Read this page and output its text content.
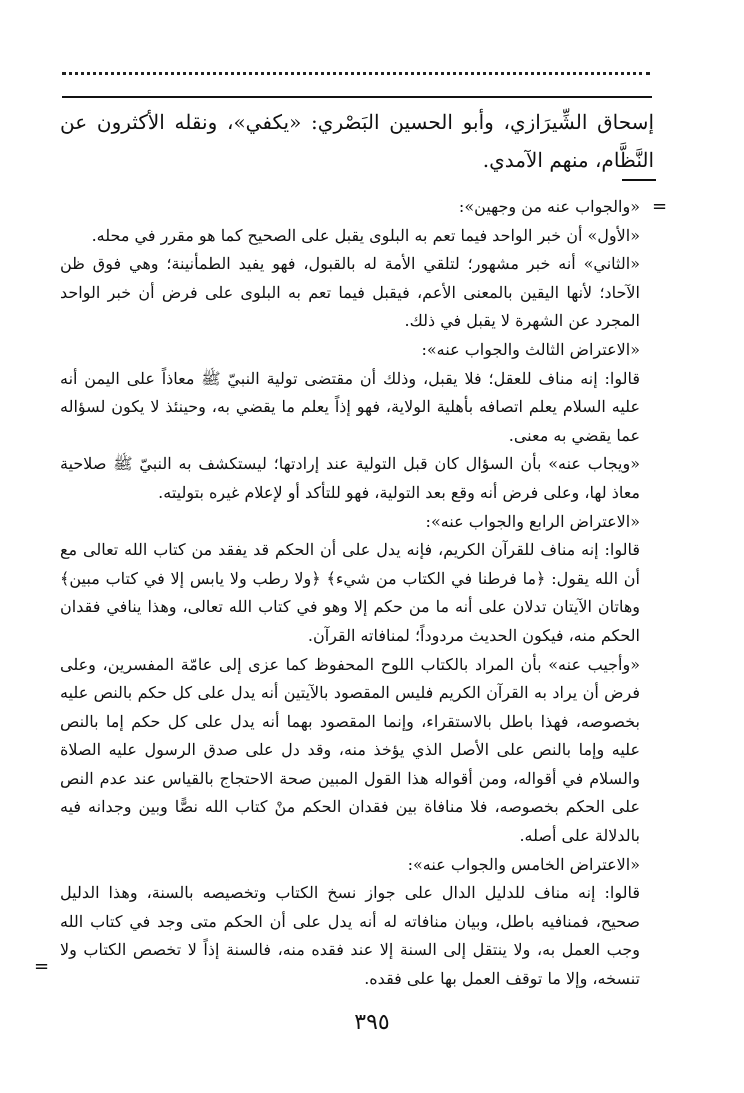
إسحاق الشِّيرَازي، وأبو الحسين البَصْري: «يكفي»، ونقله الأكثرون عن النَّظَّام، منهم الآمدي.
=

«والجواب عنه من وجهين»:

«الأول» أن خبر الواحد فيما تعم به البلوى يقبل على الصحيح كما هو مقرر في محله.

«الثاني» أنه خبر مشهور؛ لتلقي الأمة له بالقبول، فهو يفيد الطمأنينة؛ وهي فوق ظن الآحاد؛ لأنها اليقين بالمعنى الأعم، فيقبل فيما تعم به البلوى على فرض أن خبر الواحد المجرد عن الشهرة لا يقبل في ذلك.

«الاعتراض الثالث والجواب عنه»:

قالوا: إنه مناف للعقل؛ فلا يقبل، وذلك أن مقتضى تولية النبيّ ﷺ معاذاً على اليمن أنه عليه السلام يعلم اتصافه بأهلية الولاية، فهو إذاً يعلم ما يقضي به، وحينئذ لا يكون لسؤاله عما يقضي به معنى.

«ويجاب عنه» بأن السؤال كان قبل التولية عند إرادتها؛ ليستكشف به النبيّ ﷺ صلاحية معاذ لها، وعلى فرض أنه وقع بعد التولية، فهو للتأكد أو لإعلام غيره بتوليته.

«الاعتراض الرابع والجواب عنه»:

قالوا: إنه مناف للقرآن الكريم، فإنه يدل على أن الحكم قد يفقد من كتاب الله تعالى مع أن الله يقول: ﴿ما فرطنا في الكتاب من شيء﴾ ﴿ولا رطب ولا يابس إلا في كتاب مبين﴾ وهاتان الآيتان تدلان على أنه ما من حكم إلا وهو في كتاب الله تعالى، وهذا ينافي فقدان الحكم منه، فيكون الحديث مردوداً؛ لمنافاته القرآن.

«وأجيب عنه» بأن المراد بالكتاب اللوح المحفوظ كما عزى إلى عامّة المفسرين، وعلى فرض أن يراد به القرآن الكريم فليس المقصود بالآيتين أنه يدل على كل حكم بالنص عليه بخصوصه، فهذا باطل بالاستقراء، وإنما المقصود بهما أنه يدل على كل حكم إما بالنص عليه وإما بالنص على الأصل الذي يؤخذ منه، وقد دل على صدق الرسول عليه الصلاة والسلام في أقواله، ومن أقواله هذا القول المبين صحة الاحتجاج بالقياس عند عدم النص على الحكم بخصوصه، فلا منافاة بين فقدان الحكم منْ كتاب الله نصًّا وبين وجدانه فيه بالدلالة على أصله.

«الاعتراض الخامس والجواب عنه»:

قالوا: إنه مناف للدليل الدال على جواز نسخ الكتاب وتخصيصه بالسنة، وهذا الدليل صحيح، فمنافيه باطل، وبيان منافاته له أنه يدل على أن الحكم متى وجد في كتاب الله وجب العمل به، ولا ينتقل إلى السنة إلا عند فقده منه، فالسنة إذاً لا تخصص الكتاب ولا تنسخه، وإلا ما توقف العمل بها على فقده.

=
٣٩٥
